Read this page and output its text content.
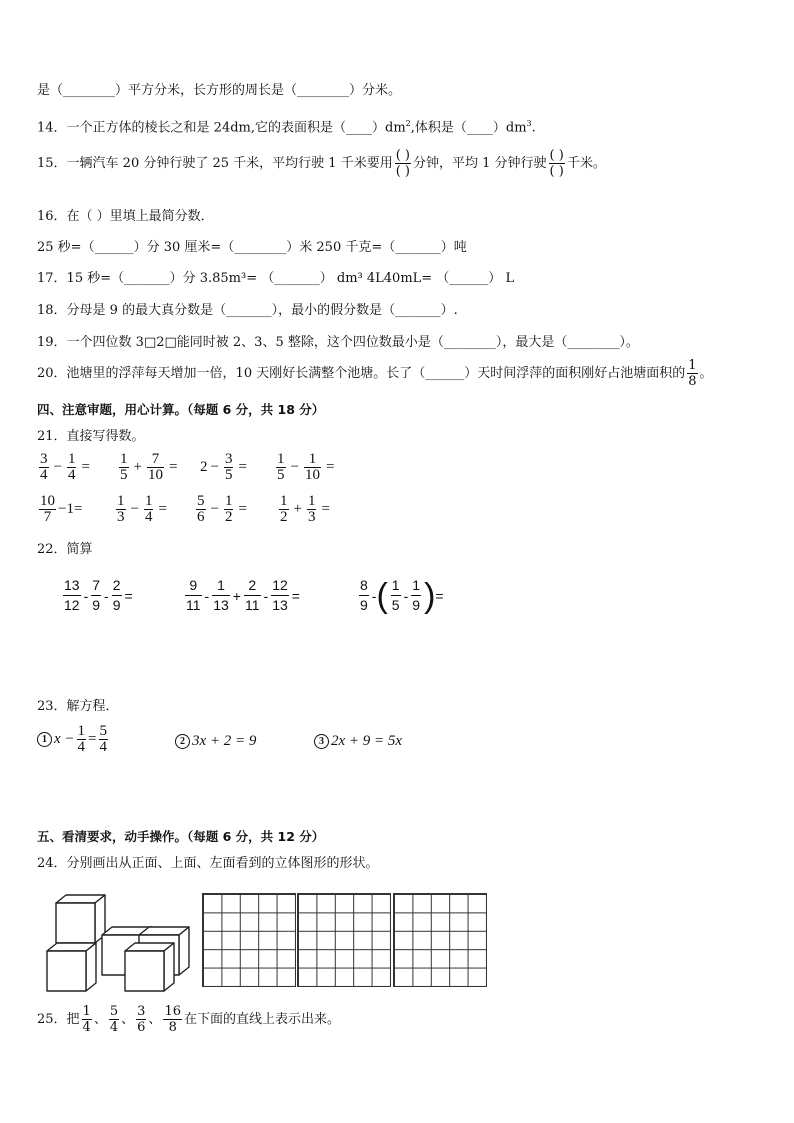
是（________）平方分米，长方形的周长是（________）分米。
14．一个正方体的棱长之和是 24dm,它的表面积是$(\_\_\_\_)dm^2$,体积是$(\_\_\_\_)dm^3$.
15．一辆汽车 20 分钟行驶了 25 千米，平均行驶 1 千米要用 $\frac{( )}{( )}$ 分钟，平均 1 分钟行驶 $\frac{( )}{( )}$ 千米。
16．在（ ）里填上最简分数．
25 秒=（______）分 30 厘米=（________）米 250 千克=（_______）吨
17．15 秒=（_______）分 3.85m³= （_______） dm³ 4L40mL= （______） L
18．分母是 9 的最大真分数是（_______），最小的假分数是（_______）.
19．一个四位数 3□2□能同时被 2、3、5 整除，这个四位数最小是（________），最大是（________）。
20．池塘里的浮萍每天增加一倍，10 天刚好长满整个池塘。长了（______）天时间浮萍的面积刚好占池塘面积的 $\frac{1}{8}$ 。
四、注意审题，用心计算。（每题 6 分，共 18 分）
21．直接写得数。
$\frac{3}{4} - \frac{1}{4} = \frac{1}{5} + \frac{7}{10} = 2 - \frac{3}{5} = \frac{1}{5} - \frac{1}{10}$ =
$\frac{10}{7} -1= \frac{1}{3} - \frac{1}{4} = \frac{5}{6} - \frac{1}{2} = \frac{1}{2} + \frac{1}{3}$ =
22．简算
$\frac{13}{12} - \frac{7}{9} - \frac{2}{9}$ =	$\frac{9}{11} - \frac{1}{13} + \frac{2}{11} - \frac{12}{13}$ =	$\frac{8}{9}$ - ( $\frac{1}{5} - \frac{1}{9}$ ) =
23．解方程．
1 $x - \frac{1}{4} = \frac{5}{4}$	2 3x + 2 = 9	3 2x + 9 = 5x
五、看清要求，动手操作。（每题 6 分，共 12 分）
24．分别画出从正面、上面、左面看到的立体图形的形状。
25．把 $\frac{1}{4}$ 、 $\frac{5}{4}$ 、 $\frac{3}{6}$ 、 $\frac{16}{8}$ 在下面的直线上表示出来。
